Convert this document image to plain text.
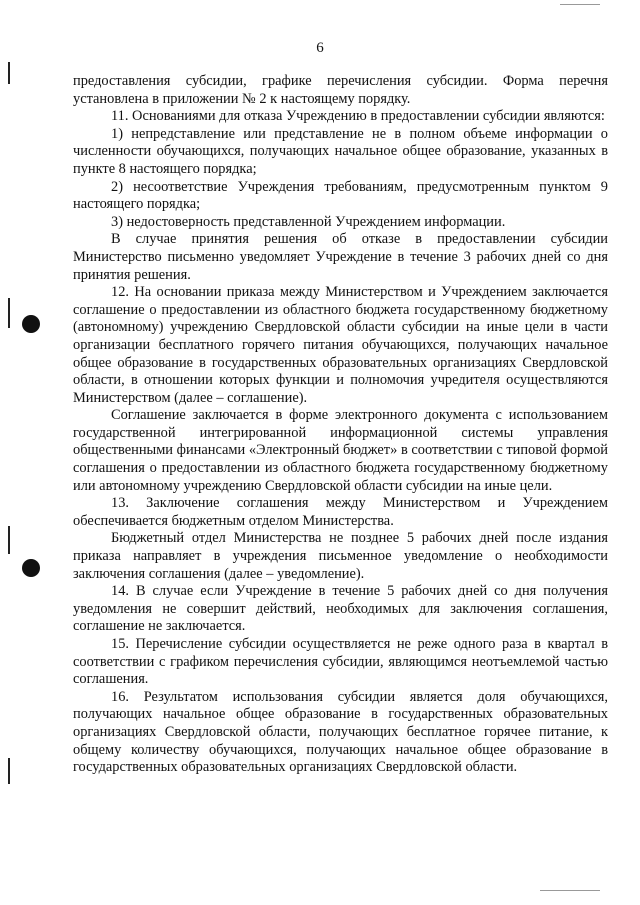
6

предоставления субсидии, графике перечисления субсидии. Форма перечня установлена в приложении № 2 к настоящему порядку.

11. Основаниями для отказа Учреждению в предоставлении субсидии являются:

1) непредставление или представление не в полном объеме информации о численности обучающихся, получающих начальное общее образование, указанных в пункте 8 настоящего порядка;

2) несоответствие Учреждения требованиям, предусмотренным пунктом 9 настоящего порядка;

3) недостоверность представленной Учреждением информации.

В случае принятия решения об отказе в предоставлении субсидии Министерство письменно уведомляет Учреждение в течение 3 рабочих дней со дня принятия решения.

12. На основании приказа между Министерством и Учреждением заключается соглашение о предоставлении из областного бюджета государственному бюджетному (автономному) учреждению Свердловской области субсидии на иные цели в части организации бесплатного горячего питания обучающихся, получающих начальное общее образование в государственных образовательных организациях Свердловской области, в отношении которых функции и полномочия учредителя осуществляются Министерством (далее – соглашение).

Соглашение заключается в форме электронного документа с использованием государственной интегрированной информационной системы управления общественными финансами «Электронный бюджет» в соответствии с типовой формой соглашения о предоставлении из областного бюджета государственному бюджетному или автономному учреждению Свердловской области субсидии на иные цели.

13. Заключение соглашения между Министерством и Учреждением обеспечивается бюджетным отделом Министерства.

Бюджетный отдел Министерства не позднее 5 рабочих дней после издания приказа направляет в учреждения письменное уведомление о необходимости заключения соглашения (далее – уведомление).

14. В случае если Учреждение в течение 5 рабочих дней со дня получения уведомления не совершит действий, необходимых для заключения соглашения, соглашение не заключается.

15. Перечисление субсидии осуществляется не реже одного раза в квартал в соответствии с графиком перечисления субсидии, являющимся неотъемлемой частью соглашения.

16. Результатом использования субсидии является доля обучающихся, получающих начальное общее образование в государственных образовательных организациях Свердловской области, получающих бесплатное горячее питание, к общему количеству обучающихся, получающих начальное общее образование в государственных образовательных организациях Свердловской области.
